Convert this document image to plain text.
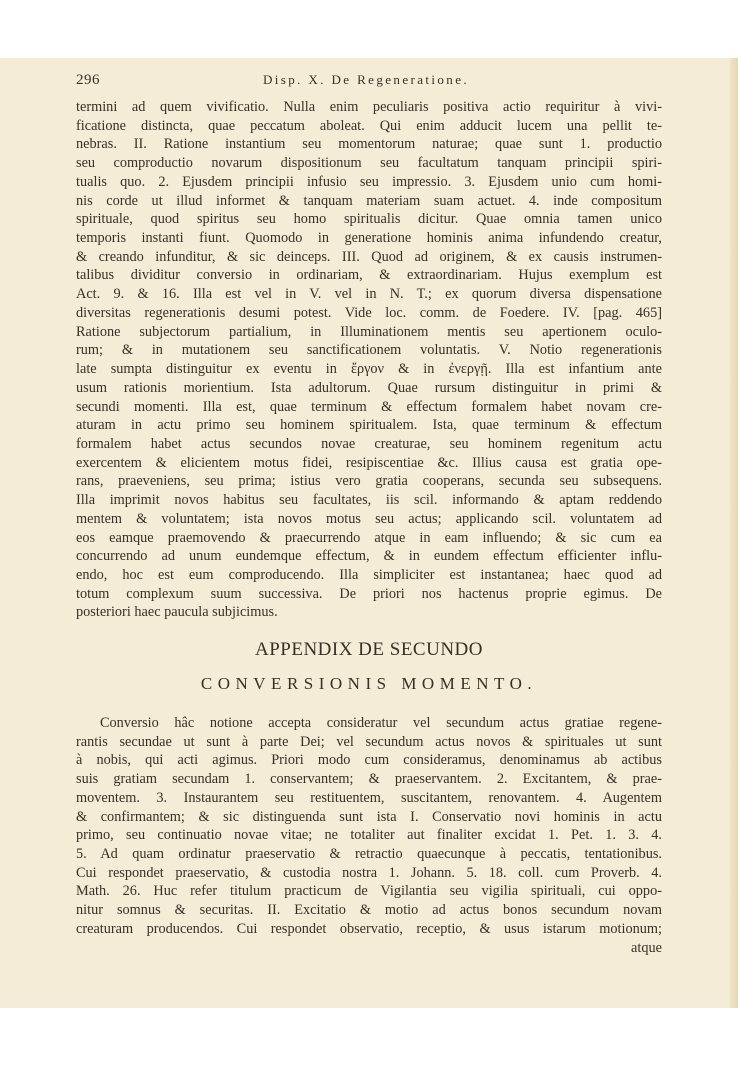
296	Disp. X. De Regeneratione.

termini ad quem vivificatio. Nulla enim peculiaris positiva actio requiritur à vivi-

ficatione distincta, quae peccatum aboleat. Qui enim adducit lucem una pellit te-

nebras. II. Ratione instantium seu momentorum naturae; quae sunt 1. productio

seu comproductio novarum dispositionum seu facultatum tanquam principii spiri-

tualis quo. 2. Ejusdem principii infusio seu impressio. 3. Ejusdem unio cum homi-

nis corde ut illud informet & tanquam materiam suam actuet. 4. inde compositum

spirituale, quod spiritus seu homo spiritualis dicitur. Quae omnia tamen unico

temporis instanti fiunt. Quomodo in generatione hominis anima infundendo creatur,

& creando infunditur, & sic deinceps. III. Quod ad originem, & ex causis instrumen-

talibus dividitur conversio in ordinariam, & extraordinariam. Hujus exemplum est

Act. 9. & 16. Illa est vel in V. vel in N. T.; ex quorum diversa dispensatione

diversitas regenerationis desumi potest. Vide loc. comm. de Foedere. IV. [pag. 465]

Ratione subjectorum partialium, in Illuminationem mentis seu apertionem oculo-

rum; & in mutationem seu sanctificationem voluntatis. V. Notio regenerationis

late sumpta distinguitur ex eventu in ἔργον & in ἐνεργῇ. Illa est infantium ante

usum rationis morientium. Ista adultorum. Quae rursum distinguitur in primi &

secundi momenti. Illa est, quae terminum & effectum formalem habet novam cre-

aturam in actu primo seu hominem spiritualem. Ista, quae terminum & effectum

formalem habet actus secundos novae creaturae, seu hominem regenitum actu

exercentem & elicientem motus fidei, resipiscentiae &c. Illius causa est gratia ope-

rans, praeveniens, seu prima; istius vero gratia cooperans, secunda seu subsequens.

Illa imprimit novos habitus seu facultates, iis scil. informando & aptam reddendo

mentem & voluntatem; ista novos motus seu actus; applicando scil. voluntatem ad

eos eamque praemovendo & praecurrendo atque in eam influendo; & sic cum ea

concurrendo ad unum eundemque effectum, & in eundem effectum efficienter influ-

endo, hoc est eum comproducendo. Illa simpliciter est instantanea; haec quod ad

totum complexum suum successiva. De priori nos hactenus proprie egimus. De

posteriori haec paucula subjicimus.

APPENDIX DE SECUNDO
CONVERSIONIS MOMENTO.

Conversio hâc notione accepta consideratur vel secundum actus gratiae regene-

rantis secundae ut sunt à parte Dei; vel secundum actus novos & spirituales ut sunt

à nobis, qui acti agimus. Priori modo cum consideramus, denominamus ab actibus

suis gratiam secundam 1. conservantem; & praeservantem. 2. Excitantem, & prae-

moventem. 3. Instaurantem seu restituentem, suscitantem, renovantem. 4. Augentem

& confirmantem; & sic distinguenda sunt ista I. Conservatio novi hominis in actu

primo, seu continuatio novae vitae; ne totaliter aut finaliter excidat 1. Pet. 1. 3. 4.

5. Ad quam ordinatur praeservatio & retractio quaecunque à peccatis, tentationibus.

Cui respondet praeservatio, & custodia nostra 1. Johann. 5. 18. coll. cum Proverb. 4.

Math. 26. Huc refer titulum practicum de Vigilantia seu vigilia spirituali, cui oppo-

nitur somnus & securitas. II. Excitatio & motio ad actus bonos secundum novam

creaturam producendos. Cui respondet observatio, receptio, & usus istarum motionum;

atque
